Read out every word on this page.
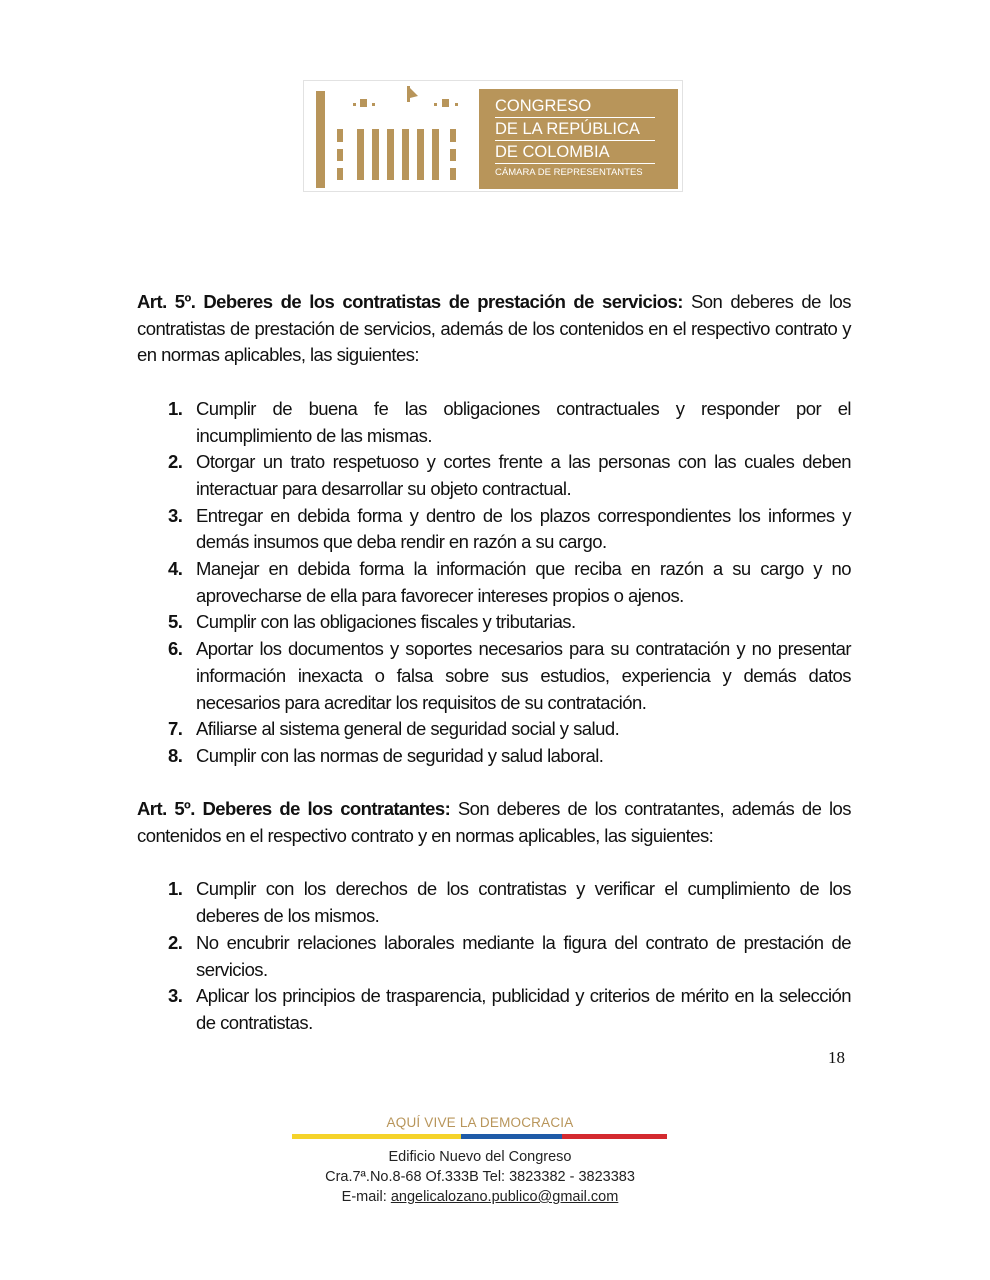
CONGRESO
DE LA REPÚBLICA
DE COLOMBIA
CÁMARA DE REPRESENTANTES

Art. 5º. Deberes de los contratistas de prestación de servicios: Son deberes de los contratistas de prestación de servicios, además de los contenidos en el respectivo contrato y en normas aplicables, las siguientes:

1. Cumplir de buena fe las obligaciones contractuales y responder por el incumplimiento de las mismas.
2. Otorgar un trato respetuoso y cortes frente a las personas con las cuales deben interactuar para desarrollar su objeto contractual.
3. Entregar en debida forma y dentro de los plazos correspondientes los informes y demás insumos que deba rendir en razón a su cargo.
4. Manejar en debida forma la información que reciba en razón a su cargo y no aprovecharse de ella para favorecer intereses propios o ajenos.
5. Cumplir con las obligaciones fiscales y tributarias.
6. Aportar los documentos y soportes necesarios para su contratación y no presentar información inexacta o falsa sobre sus estudios, experiencia y demás datos necesarios para acreditar los requisitos de su contratación.
7. Afiliarse al sistema general de seguridad social y salud.
8. Cumplir con las normas de seguridad y salud laboral.

Art. 5º. Deberes de los contratantes: Son deberes de los contratantes, además de los contenidos en el respectivo contrato y en normas aplicables, las siguientes:

1. Cumplir con los derechos de los contratistas y verificar el cumplimiento de los deberes de los mismos.
2. No encubrir relaciones laborales mediante la figura del contrato de prestación de servicios.
3. Aplicar los principios de trasparencia, publicidad y criterios de mérito en la selección de contratistas.
18
AQUÍ VIVE LA DEMOCRACIA
Edificio Nuevo del Congreso
Cra.7ª.No.8-68 Of.333B Tel: 3823382 - 3823383
E-mail: angelicalozano.publico@gmail.com
